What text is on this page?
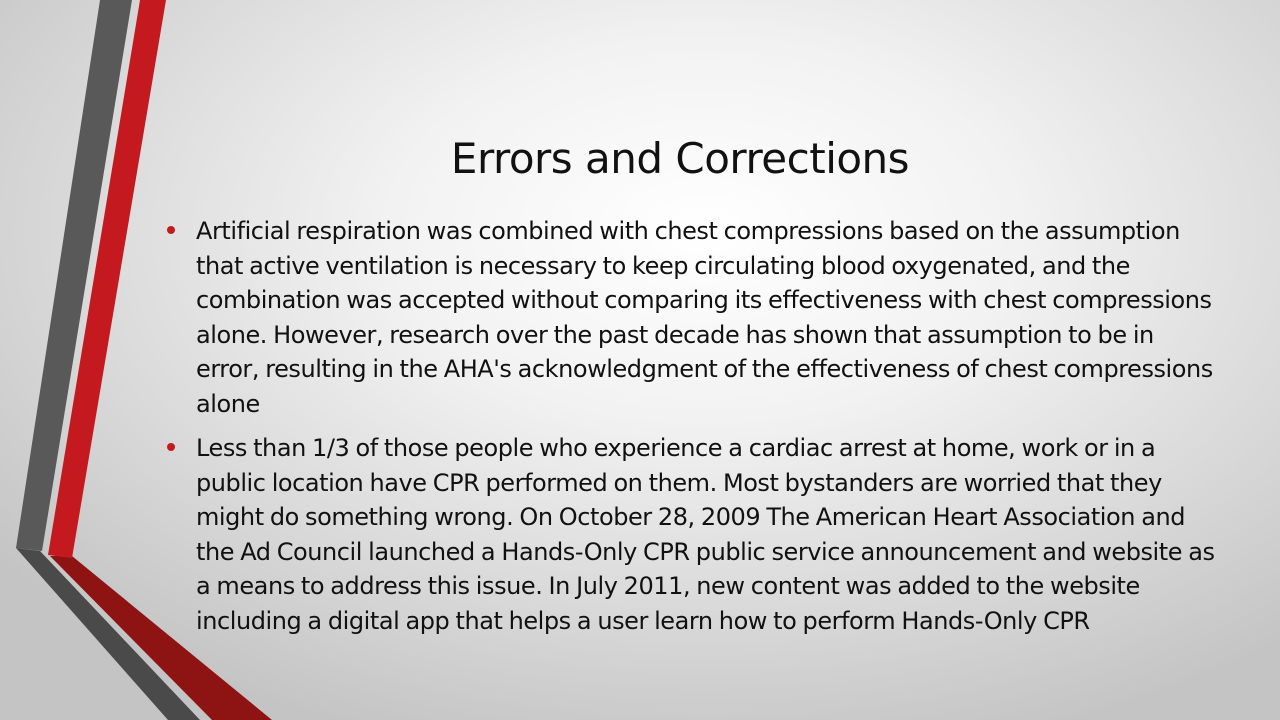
Errors and Corrections
Artificial respiration was combined with chest compressions based on the assumption that active ventilation is necessary to keep circulating blood oxygenated, and the combination was accepted without comparing its effectiveness with chest compressions alone. However, research over the past decade has shown that assumption to be in error, resulting in the AHA's acknowledgment of the effectiveness of chest compressions alone
Less than 1/3 of those people who experience a cardiac arrest at home, work or in a public location have CPR performed on them. Most bystanders are worried that they might do something wrong. On October 28, 2009 The American Heart Association and the Ad Council launched a Hands-Only CPR public service announcement and website as a means to address this issue. In July 2011, new content was added to the website including a digital app that helps a user learn how to perform Hands-Only CPR
